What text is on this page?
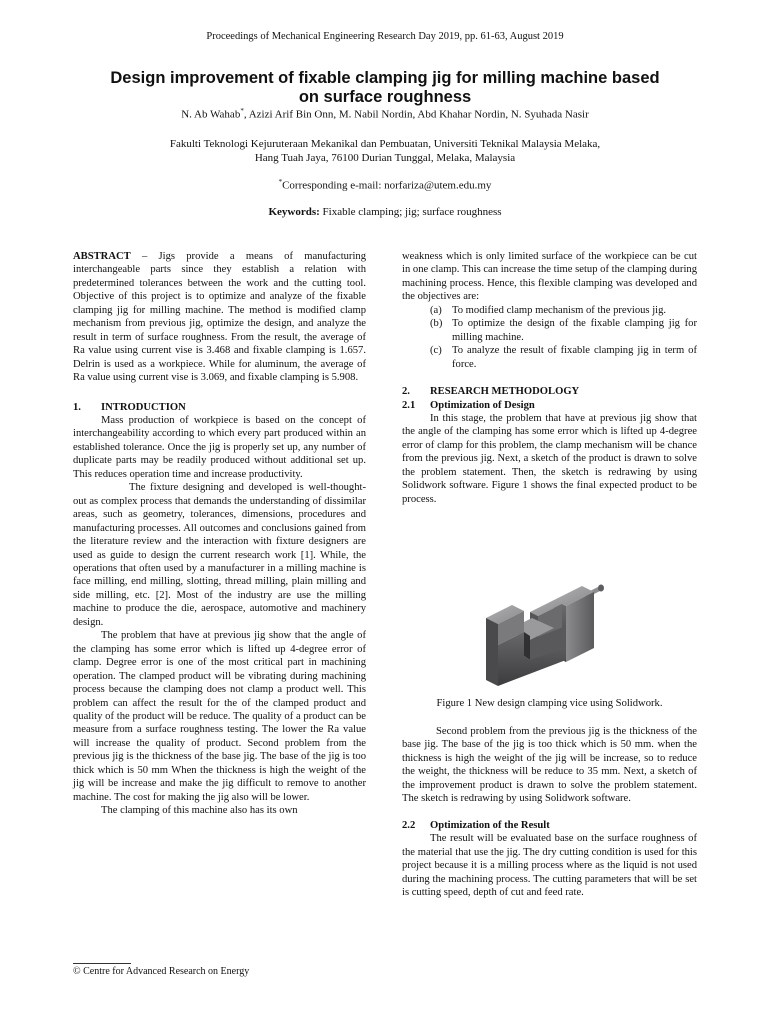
Proceedings of Mechanical Engineering Research Day 2019, pp. 61-63, August 2019
Design improvement of fixable clamping jig for milling machine based
on surface roughness
N. Ab Wahab*, Azizi Arif Bin Onn, M. Nabil Nordin, Abd Khahar Nordin, N. Syuhada Nasir
Fakulti Teknologi Kejuruteraan Mekanikal dan Pembuatan, Universiti Teknikal Malaysia Melaka,
Hang Tuah Jaya, 76100 Durian Tunggal, Melaka, Malaysia
*Corresponding e-mail: norfariza@utem.edu.my
Keywords: Fixable clamping; jig; surface roughness

ABSTRACT – Jigs provide a means of manufacturing interchangeable parts since they establish a relation with predetermined tolerances between the work and the cutting tool. Objective of this project is to optimize and analyze of the fixable clamping jig for milling machine. The method is modified clamp mechanism from previous jig, optimize the design, and analyze the result in term of surface roughness. From the result, the average of Ra value using current vise is 3.468 and fixable clamping is 1.657. Delrin is used as a workpiece. While for aluminum, the average of Ra value using current vise is 3.069, and fixable clamping is 5.908.

1. INTRODUCTION

Mass production of workpiece is based on the concept of interchangeability according to which every part produced within an established tolerance. Once the jig is properly set up, any number of duplicate parts may be readily produced without additional set up. This reduces operation time and increase productivity.

The fixture designing and developed is well-thought-out as complex process that demands the understanding of dissimilar areas, such as geometry, tolerances, dimensions, procedures and manufacturing processes. All outcomes and conclusions gained from the literature review and the interaction with fixture designers are used as guide to design the current research work [1]. While, the operations that often used by a manufacturer in a milling machine is face milling, end milling, slotting, thread milling, plain milling and side milling, etc. [2]. Most of the industry are use the milling machine to produce the die, aerospace, automotive and machinery design.

The problem that have at previous jig show that the angle of the clamping has some error which is lifted up 4-degree error of clamp. Degree error is one of the most critical part in machining operation. The clamped product will be vibrating during machining process because the clamping does not clamp a product well. This problem can affect the result for the of the clamped product and quality of the product will be reduce. The quality of a product can be measure from a surface roughness testing. The lower the Ra value will increase the quality of product. Second problem from the previous jig is the thickness of the base jig. The base of the jig is too thick which is 50 mm When the thickness is high the weight of the jig will be increase and make the jig difficult to remove to another machine. The cost for making the jig also will be lower.

The clamping of this machine also has its own

weakness which is only limited surface of the workpiece can be cut in one clamp. This can increase the time setup of the clamping during machining process. Hence, this flexible clamping was developed and the objectives are:

(a) To modified clamp mechanism of the previous jig.
(b) To optimize the design of the fixable clamping jig for milling machine.
(c) To analyze the result of fixable clamping jig in term of force.
2. RESEARCH METHODOLOGY
2.1 Optimization of Design

In this stage, the problem that have at previous jig show that the angle of the clamping has some error which is lifted up 4-degree error of clamp for this problem, the clamp mechanism will be chance from the previous jig. Next, a sketch of the product is drawn to solve the problem statement. Then, the sketch is redrawing by using Solidwork software. Figure 1 shows the final expected product to be process.

Figure 1 New design clamping vice using Solidwork.

Second problem from the previous jig is the thickness of the base jig. The base of the jig is too thick which is 50 mm. when the thickness is high the weight of the jig will be increase, so to reduce the weight, the thickness will be reduce to 35 mm. Next, a sketch of the improvement product is drawn to solve the problem statement. The sketch is redrawing by using Solidwork software.

2.2 Optimization of the Result

The result will be evaluated base on the surface roughness of the material that use the jig. The dry cutting condition is used for this project because it is a milling process where as the liquid is not used during the machining process. The cutting parameters that will be set is cutting speed, depth of cut and feed rate.

© Centre for Advanced Research on Energy
